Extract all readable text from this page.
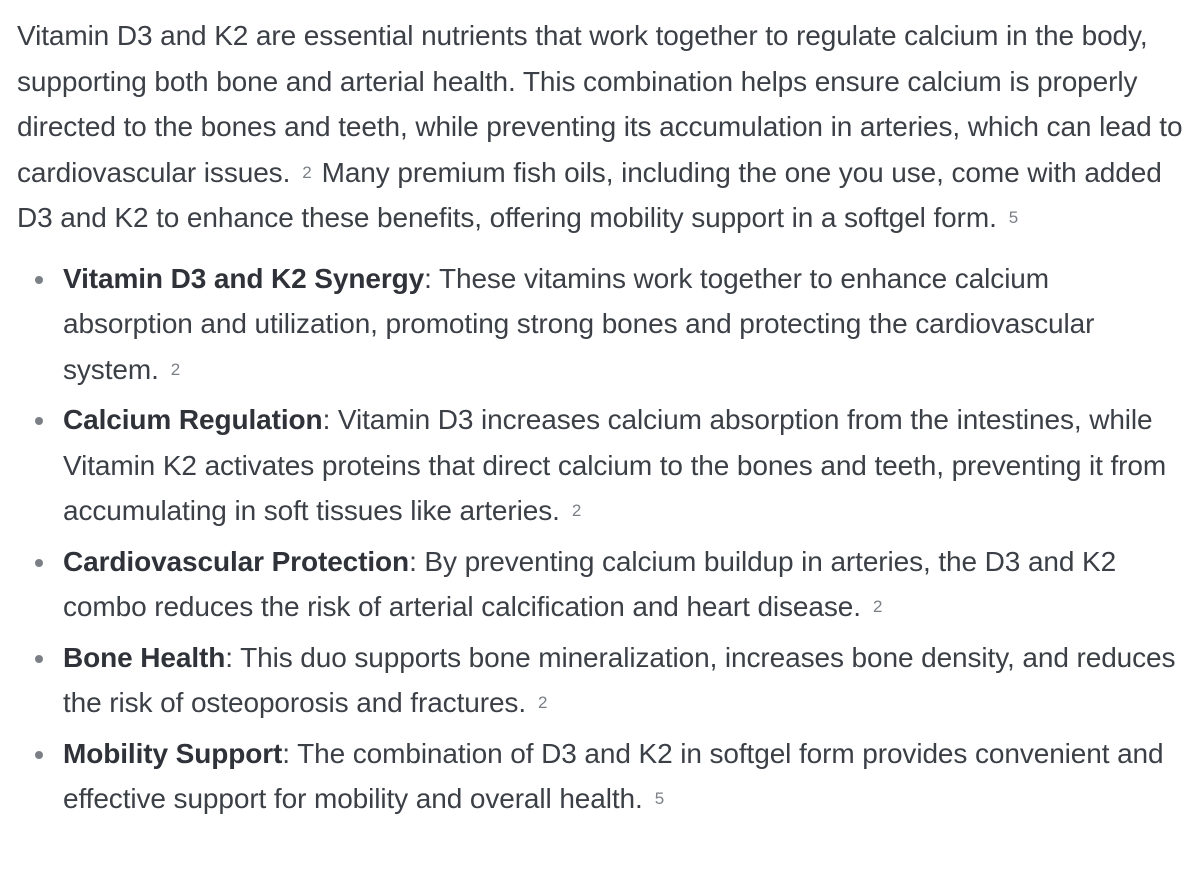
Vitamin D3 and K2 are essential nutrients that work together to regulate calcium in the body, supporting both bone and arterial health. This combination helps ensure calcium is properly directed to the bones and teeth, while preventing its accumulation in arteries, which can lead to cardiovascular issues. 2 Many premium fish oils, including the one you use, come with added D3 and K2 to enhance these benefits, offering mobility support in a softgel form. 5

Vitamin D3 and K2 Synergy: These vitamins work together to enhance calcium absorption and utilization, promoting strong bones and protecting the cardiovascular system. 2
Calcium Regulation: Vitamin D3 increases calcium absorption from the intestines, while Vitamin K2 activates proteins that direct calcium to the bones and teeth, preventing it from accumulating in soft tissues like arteries. 2
Cardiovascular Protection: By preventing calcium buildup in arteries, the D3 and K2 combo reduces the risk of arterial calcification and heart disease. 2
Bone Health: This duo supports bone mineralization, increases bone density, and reduces the risk of osteoporosis and fractures. 2
Mobility Support: The combination of D3 and K2 in softgel form provides convenient and effective support for mobility and overall health. 5
